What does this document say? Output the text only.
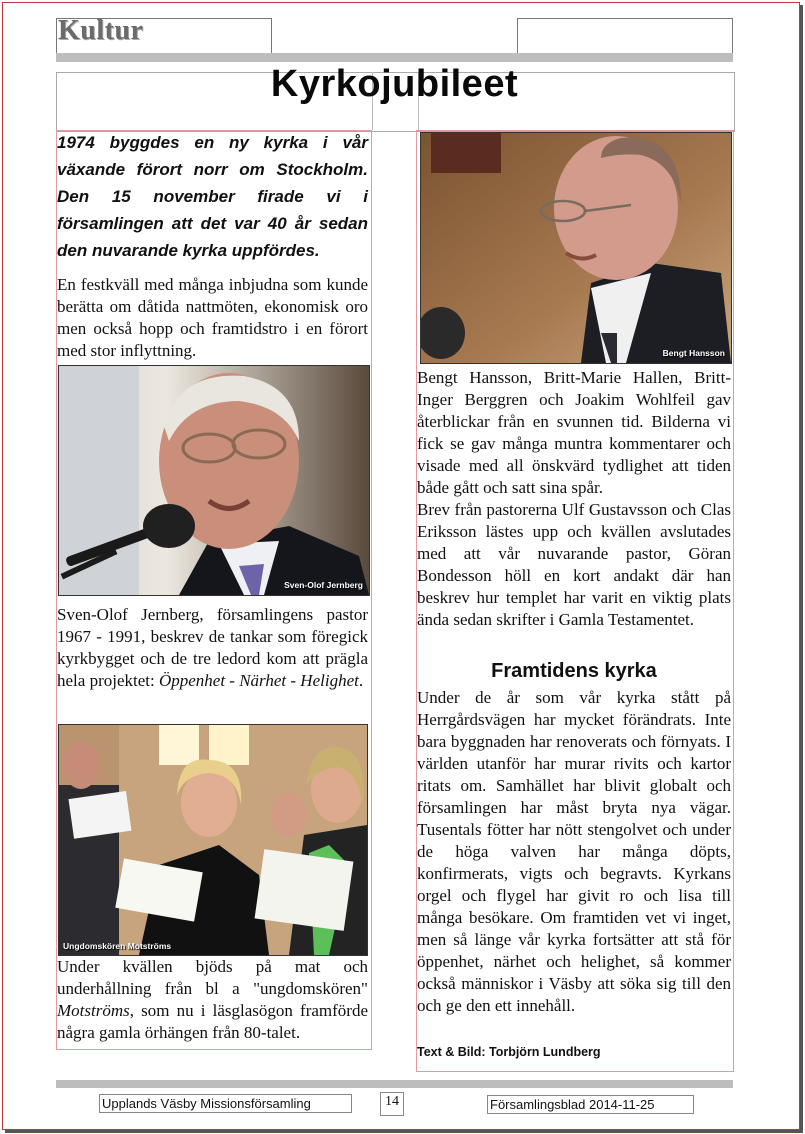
Kultur
Kyrkojubileet

1974 byggdes en ny kyrka i vår växande förort norr om Stockholm. Den 15 november firade vi i församlingen att det var 40 år sedan den nuvarande kyrka uppfördes.

En festkväll med många inbjudna som kunde berätta om dåtida nattmöten, ekonomisk oro men också hopp och framtidstro i en förort med stor inflyttning.

Sven-Olof Jernberg

Sven-Olof Jernberg, församlingens pastor 1967 - 1991, beskrev de tankar som föregick kyrkbygget och de tre ledord kom att prägla hela projektet: Öppenhet - Närhet - Helighet.

Ungdomskören Motströms

Under kvällen bjöds på mat och underhållning från bl a "ungdomskören" Motströms, som nu i läsglasögon framförde några gamla örhängen från 80-talet.

Bengt Hansson

Bengt Hansson, Britt-Marie Hallen, Britt-Inger Berggren och Joakim Wohlfeil gav återblickar från en svunnen tid. Bilderna vi fick se gav många muntra kommentarer och visade med all önskvärd tydlighet att tiden både gått och satt sina spår.
Brev från pastorerna Ulf Gustavsson och Clas Eriksson lästes upp och kvällen avslutades med att vår nuvarande pastor, Göran Bondesson höll en kort andakt där han beskrev hur templet har varit en viktig plats ända sedan skrifter i Gamla Testamentet.

Framtidens kyrka

Under de år som vår kyrka stått på Herrgårdsvägen har mycket förändrats. Inte bara byggnaden har renoverats och förnyats. I världen utanför har murar rivits och kartor ritats om. Samhället har blivit globalt och församlingen har måst bryta nya vägar. Tusentals fötter har nött stengolvet och under de höga valven har många döpts, konfirmerats, vigts och begravts. Kyrkans orgel och flygel har givit ro och lisa till många besökare. Om framtiden vet vi inget, men så länge vår kyrka fortsätter att stå för öppenhet, närhet och helighet, så kommer också människor i Väsby att söka sig till den och ge den ett innehåll.

Text & Bild: Torbjörn Lundberg

Upplands Väsby Missionsförsamling	14	Församlingsblad 2014-11-25
